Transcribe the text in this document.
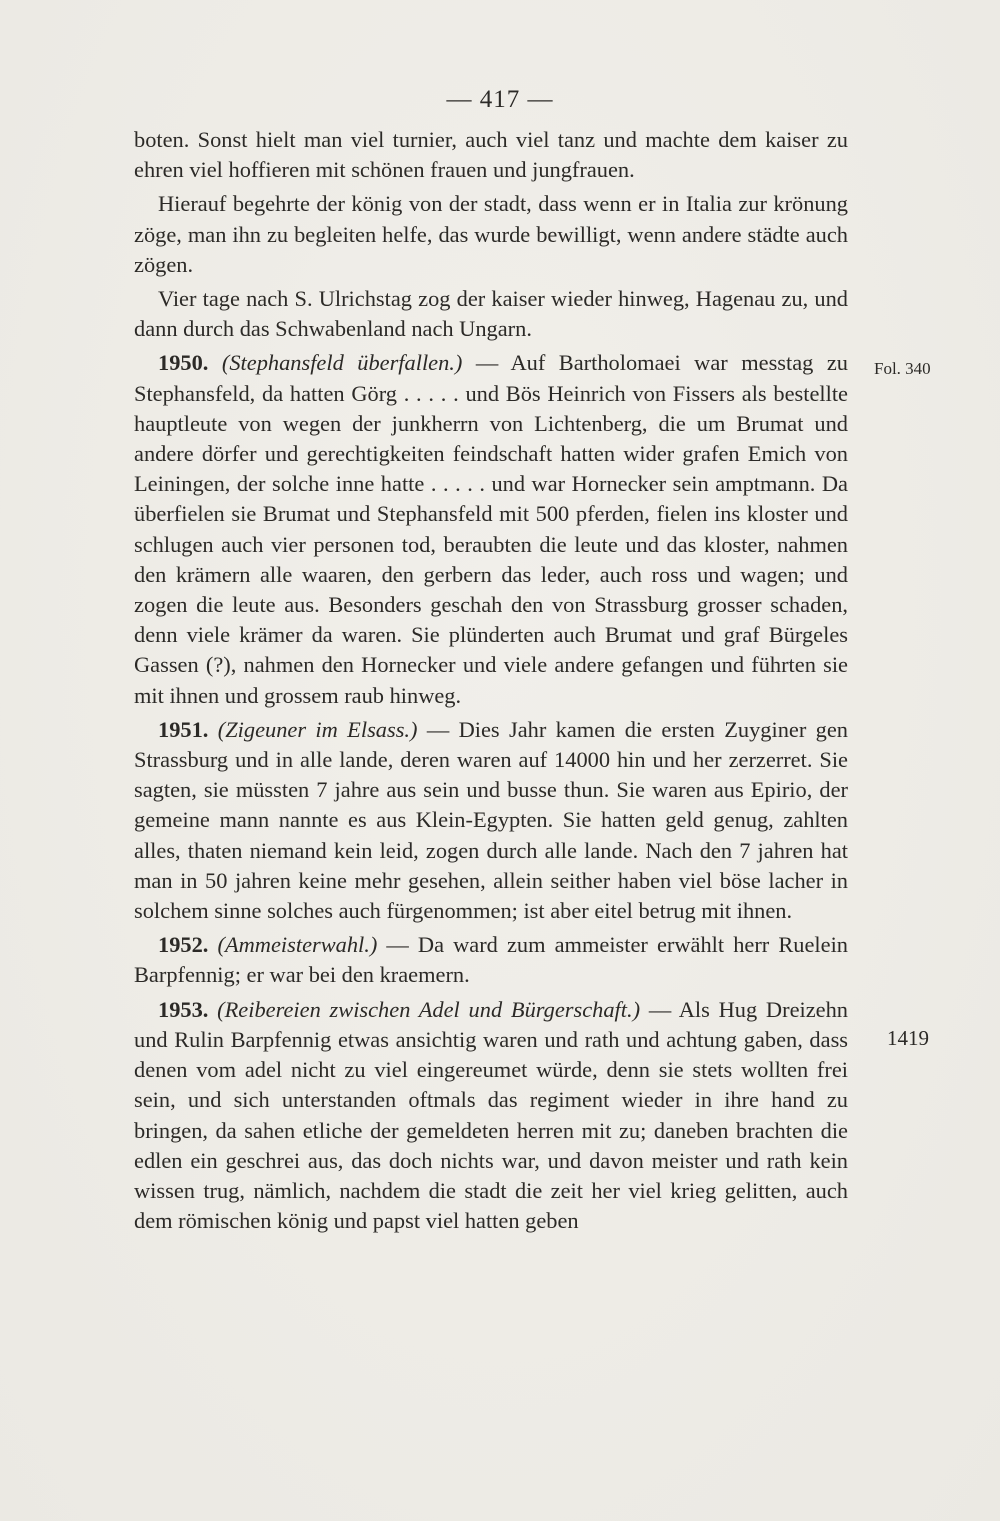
— 417 —

boten. Sonst hielt man viel turnier, auch viel tanz und machte dem kaiser zu ehren viel hoffieren mit schönen frauen und jungfrauen.

Hierauf begehrte der könig von der stadt, dass wenn er in Italia zur krönung zöge, man ihn zu begleiten helfe, das wurde bewilligt, wenn andere städte auch zögen.

Vier tage nach S. Ulrichstag zog der kaiser wieder hinweg, Hagenau zu, und dann durch das Schwabenland nach Ungarn.

1950. (Stephansfeld überfallen.) — Auf Bartholomaei war messtag zu Stephansfeld, da hatten Görg . . . . . und Bös Heinrich von Fissers als bestellte hauptleute von wegen der junkherrn von Lichtenberg, die um Brumat und andere dörfer und gerechtigkeiten feindschaft hatten wider grafen Emich von Leiningen, der solche inne hatte . . . . . und war Hornecker sein amptmann. Da überfielen sie Brumat und Stephansfeld mit 500 pferden, fielen ins kloster und schlugen auch vier personen tod, beraubten die leute und das kloster, nahmen den krämern alle waaren, den gerbern das leder, auch ross und wagen; und zogen die leute aus. Besonders geschah den von Strassburg grosser schaden, denn viele krämer da waren. Sie plünderten auch Brumat und graf Bürgeles Gassen (?), nahmen den Hornecker und viele andere gefangen und führten sie mit ihnen und grossem raub hinweg.

1951. (Zigeuner im Elsass.) — Dies Jahr kamen die ersten Zuyginer gen Strassburg und in alle lande, deren waren auf 14000 hin und her zerzerret. Sie sagten, sie müssten 7 jahre aus sein und busse thun. Sie waren aus Epirio, der gemeine mann nannte es aus Klein-Egypten. Sie hatten geld genug, zahlten alles, thaten niemand kein leid, zogen durch alle lande. Nach den 7 jahren hat man in 50 jahren keine mehr gesehen, allein seither haben viel böse lacher in solchem sinne solches auch fürgenommen; ist aber eitel betrug mit ihnen.

1952. (Ammeisterwahl.) — Da ward zum ammeister erwählt herr Ruelein Barpfennig; er war bei den kraemern.

1953. (Reibereien zwischen Adel und Bürgerschaft.) — Als Hug Dreizehn und Rulin Barpfennig etwas ansichtig waren und rath und achtung gaben, dass denen vom adel nicht zu viel eingereumet würde, denn sie stets wollten frei sein, und sich unterstanden oftmals das regiment wieder in ihre hand zu bringen, da sahen etliche der gemeldeten herren mit zu; daneben brachten die edlen ein geschrei aus, das doch nichts war, und davon meister und rath kein wissen trug, nämlich, nachdem die stadt die zeit her viel krieg gelitten, auch dem römischen könig und papst viel hatten geben

Fol. 340
1419
